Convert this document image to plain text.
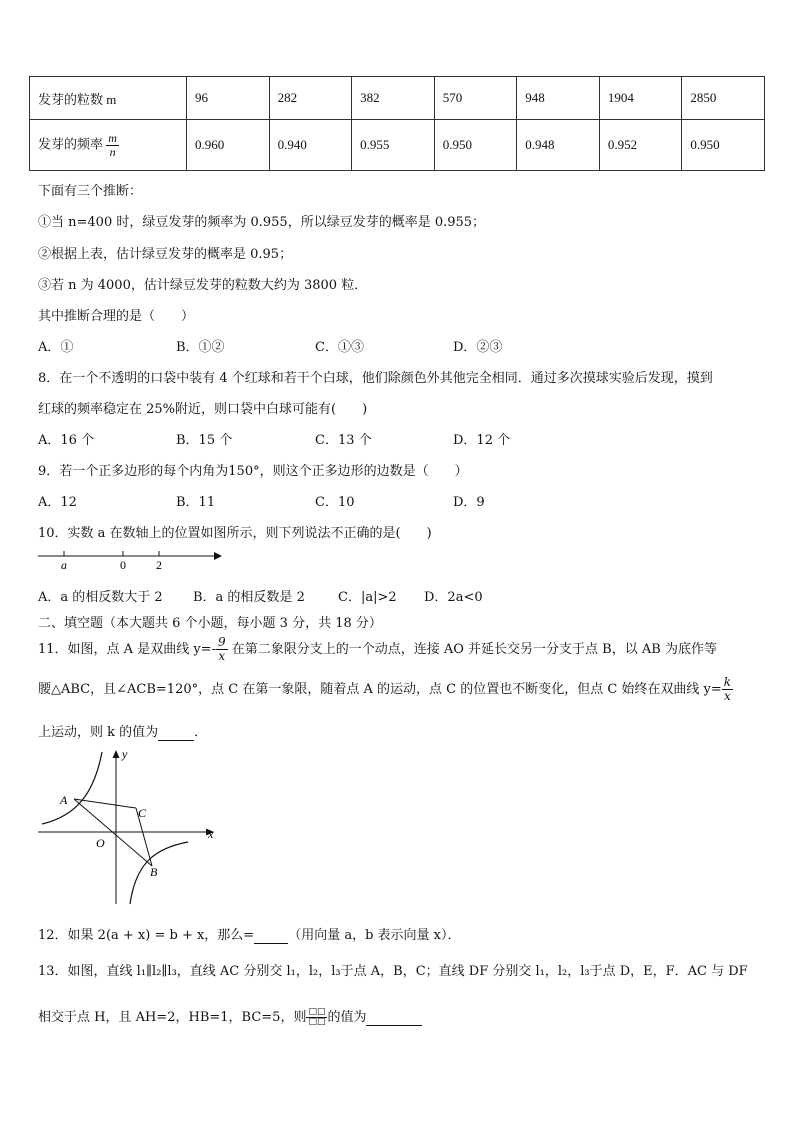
发芽的粒数 m	96	282	382	570	948	1904	2850
发芽的频率 $\frac{m}{n}$	0.960	0.940	0.955	0.950	0.948	0.952	0.950
下面有三个推断：
①当 n=400 时，绿豆发芽的频率为 0.955，所以绿豆发芽的概率是 0.955；
②根据上表，估计绿豆发芽的概率是 0.95；
③若 n 为 4000，估计绿豆发芽的粒数大约为 3800 粒．
其中推断合理的是（　　）
A．①	B．①②	C．①③	D．②③
8．在一个不透明的口袋中装有 4 个红球和若干个白球，他们除颜色外其他完全相同．通过多次摸球实验后发现，摸到
红球的频率稳定在 25%附近，则口袋中白球可能有(　　)
A．16 个	B．15 个	C．13 个	D．12 个
9．若一个正多边形的每个内角为150°，则这个正多边形的边数是（　　）
A．12	B．11	C．10	D．9
10．实数 a 在数轴上的位置如图所示，则下列说法不正确的是(　　)
a	0	2
A．a 的相反数大于 2 B．a 的相反数是 2	C．|a|>2 D．2a<0
二、填空题（本大题共 6 个小题，每小题 3 分，共 18 分）
11．如图，点 A 是双曲线 $y=- \frac{9}{x}$ 在第二象限分支上的一个动点，连接 AO 并延长交另一分支于点 B，以 AB 为底作等
腰△ABC，且∠ACB=120°，点 C 在第一象限，随着点 A 的运动，点 C 的位置也不断变化，但点 C 始终在双曲线 $y= \frac{k}{x}$
上运动，则 k 的值为	．
y
x
A
C
O
B
12．如果 2(a + x) = b + x，那么=	（用向量 a，b 表示向量 x）．
13．如图，直线 l₁∥l₂∥l₃，直线 AC 分别交 l₁，l₂，l₃于点 A，B，C；直线 DF 分别交 l₁，l₂，l₃于点 D，E，F．AC 与 DF
相交于点 H，且 AH=2，HB=1，BC=5，则 $\frac{□□}{□□}$ 的值为
